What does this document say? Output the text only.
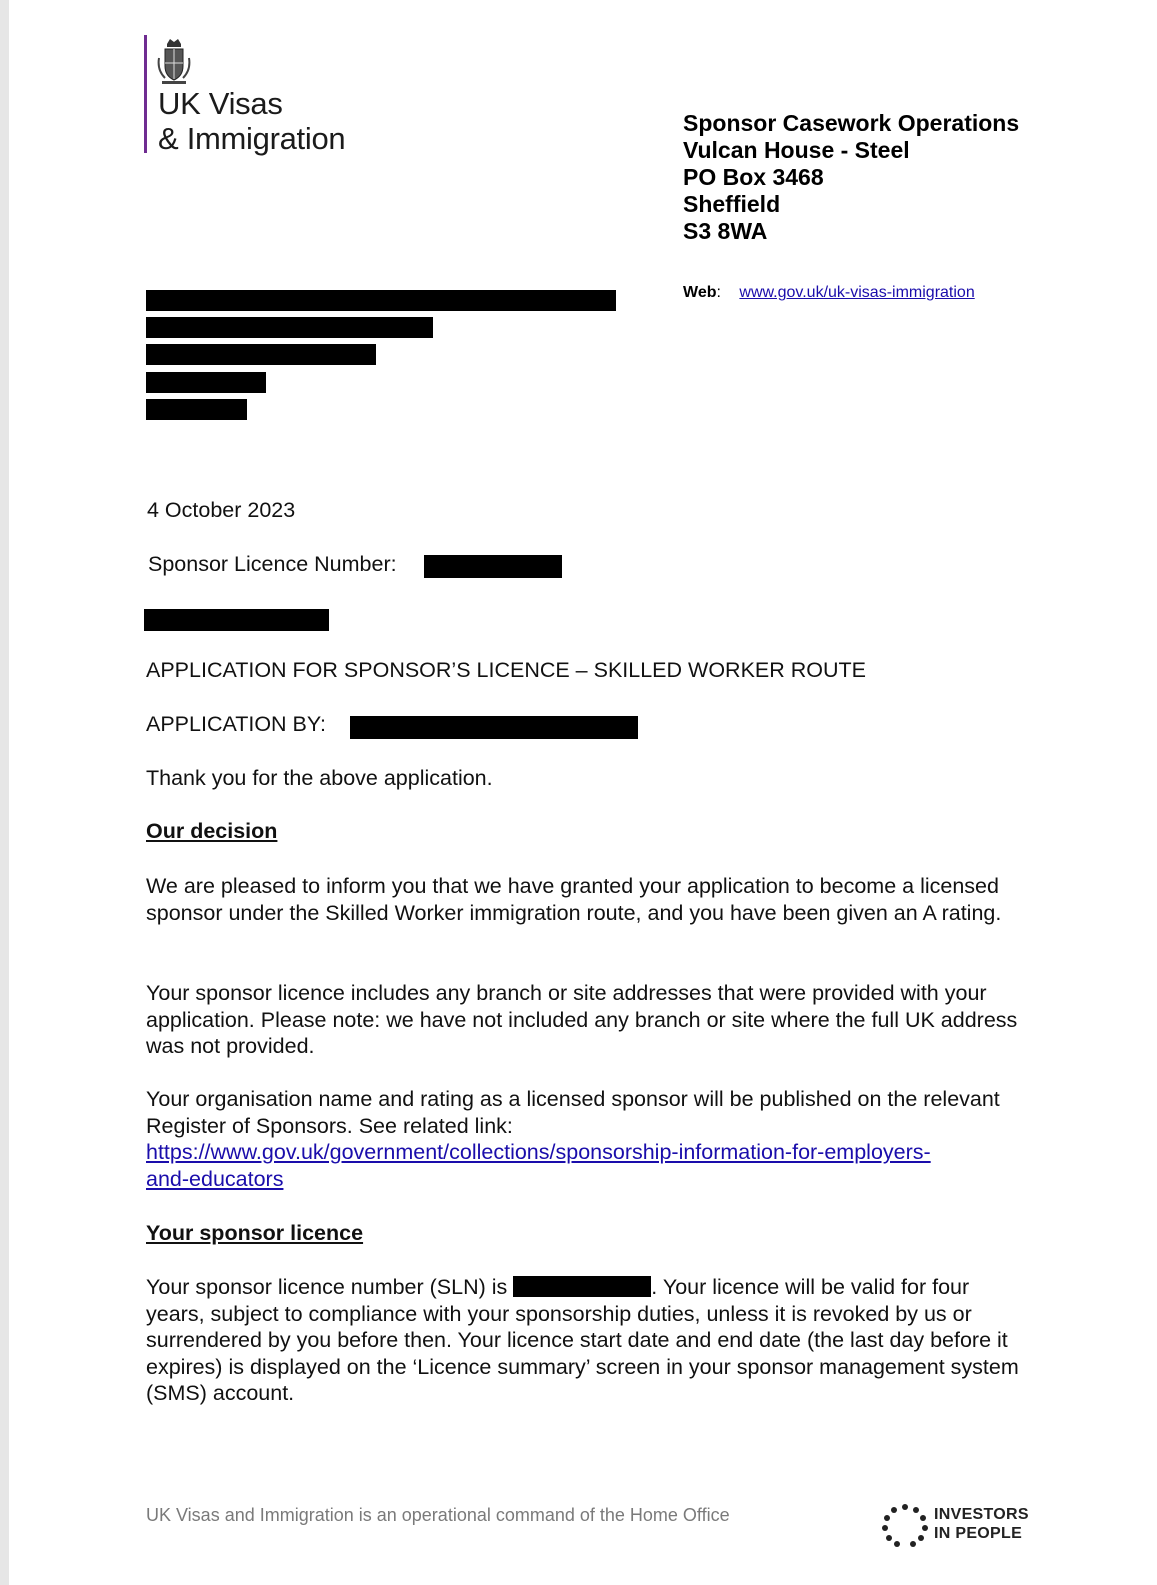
UK Visas
& Immigration	Sponsor Casework Operations
Vulcan House - Steel
PO Box 3468
Sheffield
S3 8WA
Web: www.gov.uk/uk-visas-immigration
4 October 2023
Sponsor Licence Number:
APPLICATION FOR SPONSOR’S LICENCE – SKILLED WORKER ROUTE
APPLICATION BY:
Thank you for the above application.
Our decision
We are pleased to inform you that we have granted your application to become a licensed sponsor under the Skilled Worker immigration route, and you have been given an A rating.
Your sponsor licence includes any branch or site addresses that were provided with your application. Please note: we have not included any branch or site where the full UK address was not provided.
Your organisation name and rating as a licensed sponsor will be published on the relevant Register of Sponsors. See related link:
https://www.gov.uk/government/collections/sponsorship-information-for-employers-
and-educators
Your sponsor licence
Your sponsor licence number (SLN) is	. Your licence will be valid for four years, subject to compliance with your sponsorship duties, unless it is revoked by us or surrendered by you before then. Your licence start date and end date (the last day before it expires) is displayed on the ‘Licence summary’ screen in your sponsor management system (SMS) account.
UK Visas and Immigration is an operational command of the Home Office	INVESTORS
IN PEOPLE
